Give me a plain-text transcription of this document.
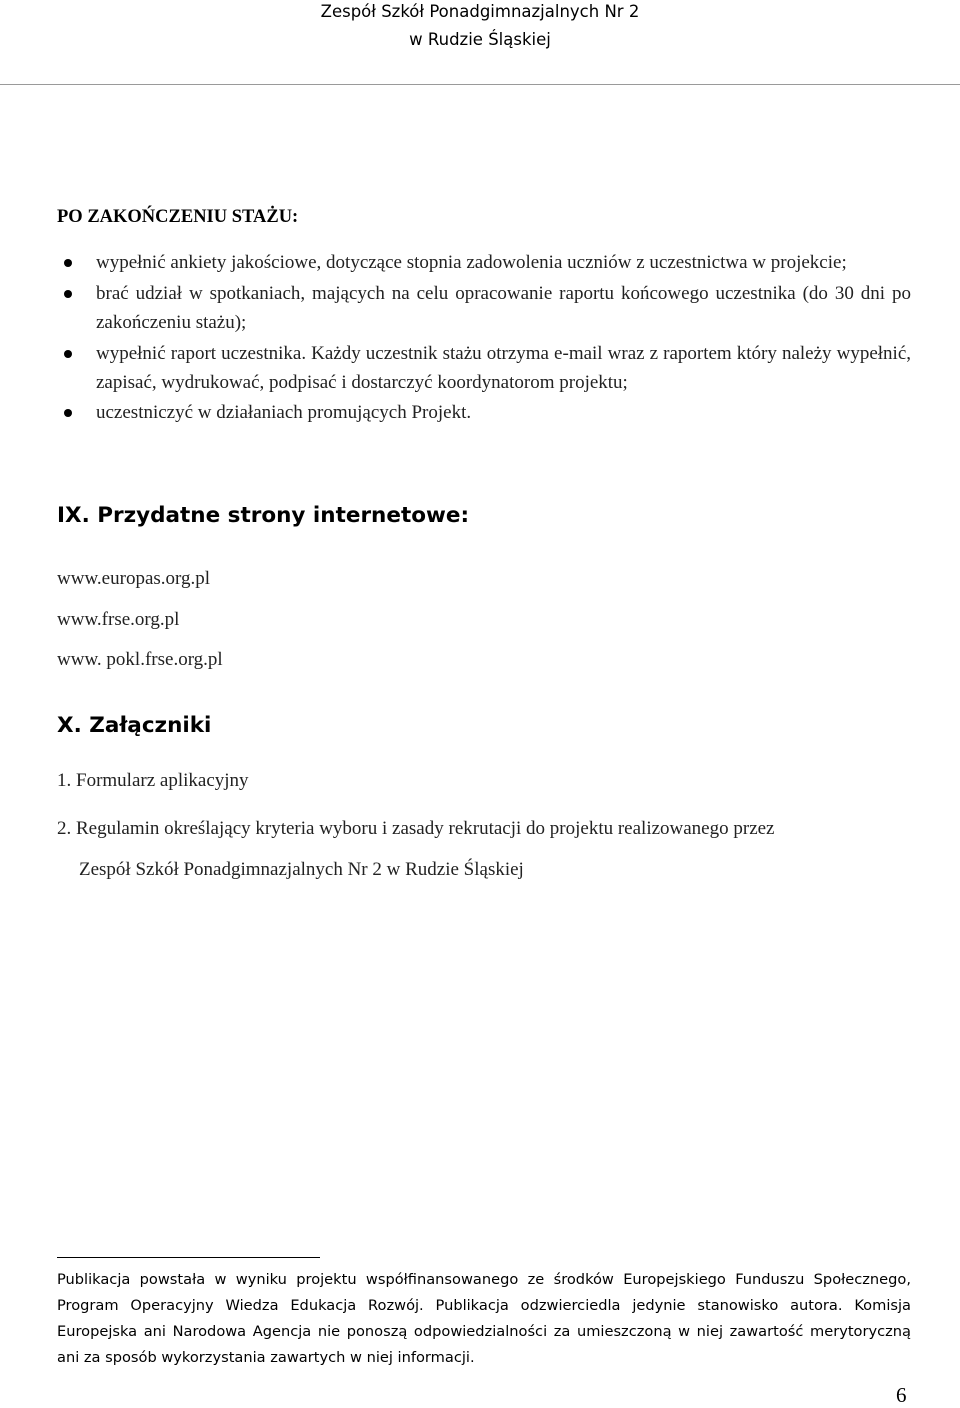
Zespół Szkół Ponadgimnazjalnych Nr 2
w Rudzie Śląskiej
PO ZAKOŃCZENIU STAŻU:
wypełnić ankiety jakościowe, dotyczące stopnia zadowolenia uczniów z uczestnictwa w projekcie;
brać udział w spotkaniach, mających na celu opracowanie raportu końcowego uczestnika (do 30 dni po zakończeniu stażu);
wypełnić raport uczestnika. Każdy uczestnik stażu otrzyma e-mail wraz z raportem który należy wypełnić, zapisać, wydrukować, podpisać i dostarczyć koordynatorom projektu;
uczestniczyć w działaniach promujących Projekt.
IX. Przydatne strony internetowe:
www.europas.org.pl
www.frse.org.pl
www. pokl.frse.org.pl
X. Załączniki
1. Formularz aplikacyjny
2. Regulamin określający kryteria wyboru i zasady rekrutacji do projektu realizowanego przez
Zespół Szkół Ponadgimnazjalnych Nr 2 w Rudzie Śląskiej

Publikacja powstała w wyniku projektu współfinansowanego ze środków Europejskiego Funduszu Społecznego, Program Operacyjny Wiedza Edukacja Rozwój. Publikacja odzwierciedla jedynie stanowisko autora. Komisja Europejska ani Narodowa Agencja nie ponoszą odpowiedzialności za umieszczoną w niej zawartość merytoryczną ani za sposób wykorzystania zawartych w niej informacji.

6
